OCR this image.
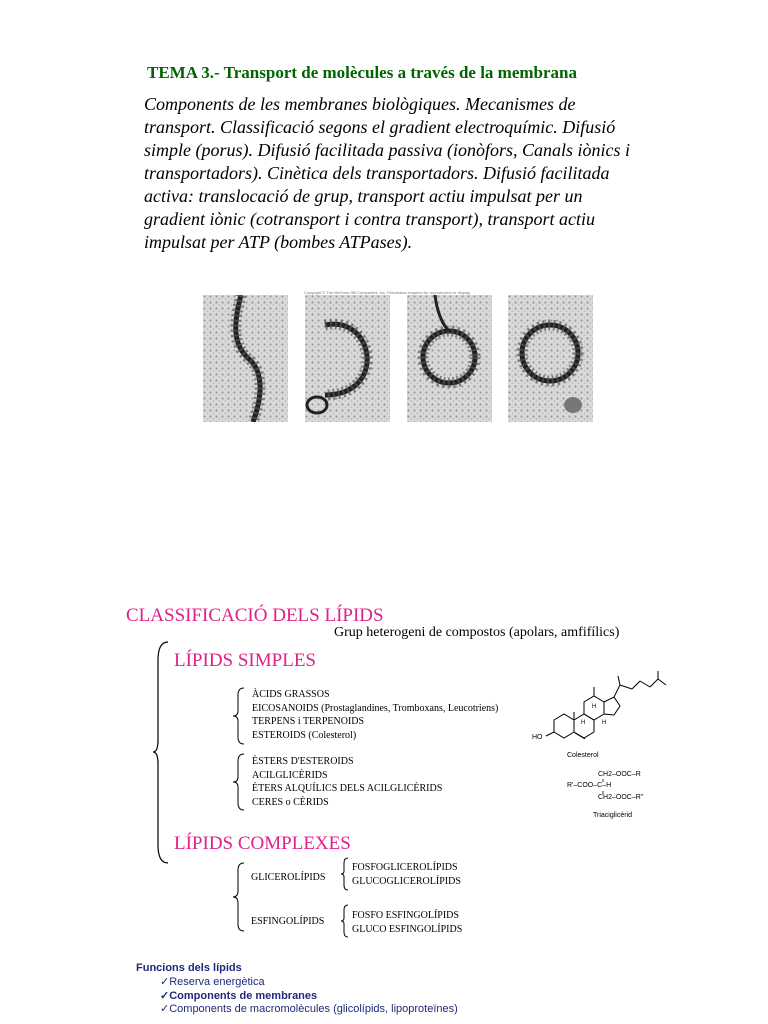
TEMA 3.- Transport de molècules a través de la membrana
Components de les membranes biològiques. Mecanismes de transport. Classificació segons el gradient electroquímic. Difusió simple (porus). Difusió facilitada passiva (ionòfors, Canals iònics i transportadors). Cinètica dels transportadors. Difusió facilitada activa: translocació de grup, transport actiu impulsat per un gradient iònic (cotransport i contra transport), transport actiu impulsat per ATP (bombes ATPases).
Copyright © The McGraw-Hill Companies, Inc. Permission required for reproduction or display.
CLASSIFICACIÓ DELS LÍPIDS
Grup heterogeni de compostos (apolars, amfifílics)
LÍPIDS SIMPLES
ÀCIDS GRASSOS
EICOSANOIDS (Prostaglandines, Tromboxans, Leucotriens)
TERPENS i TERPENOIDS
ESTEROIDS (Colesterol)
ÈSTERS D'ESTEROIDS
ACILGLICÈRIDS
ÈTERS ALQUÍLICS DELS ACILGLICÈRIDS
CERES o CÈRIDS
HO
H
H
H
Colesterol
CH2–OOC–R
R'–COO–C–H
CH2–OOC–R''
Triaciglicèrid
LÍPIDS COMPLEXES
GLICEROLÍPIDS
FOSFOGLICEROLÍPIDS
GLUCOGLICEROLÍPIDS
ESFINGOLÍPIDS
FOSFO ESFINGOLÍPIDS
GLUCO ESFINGOLÍPIDS
Funcions dels lípids
✓Reserva energètica
✓Components de membranes
✓Components de macromolècules (glicolípids, lipoproteïnes)
